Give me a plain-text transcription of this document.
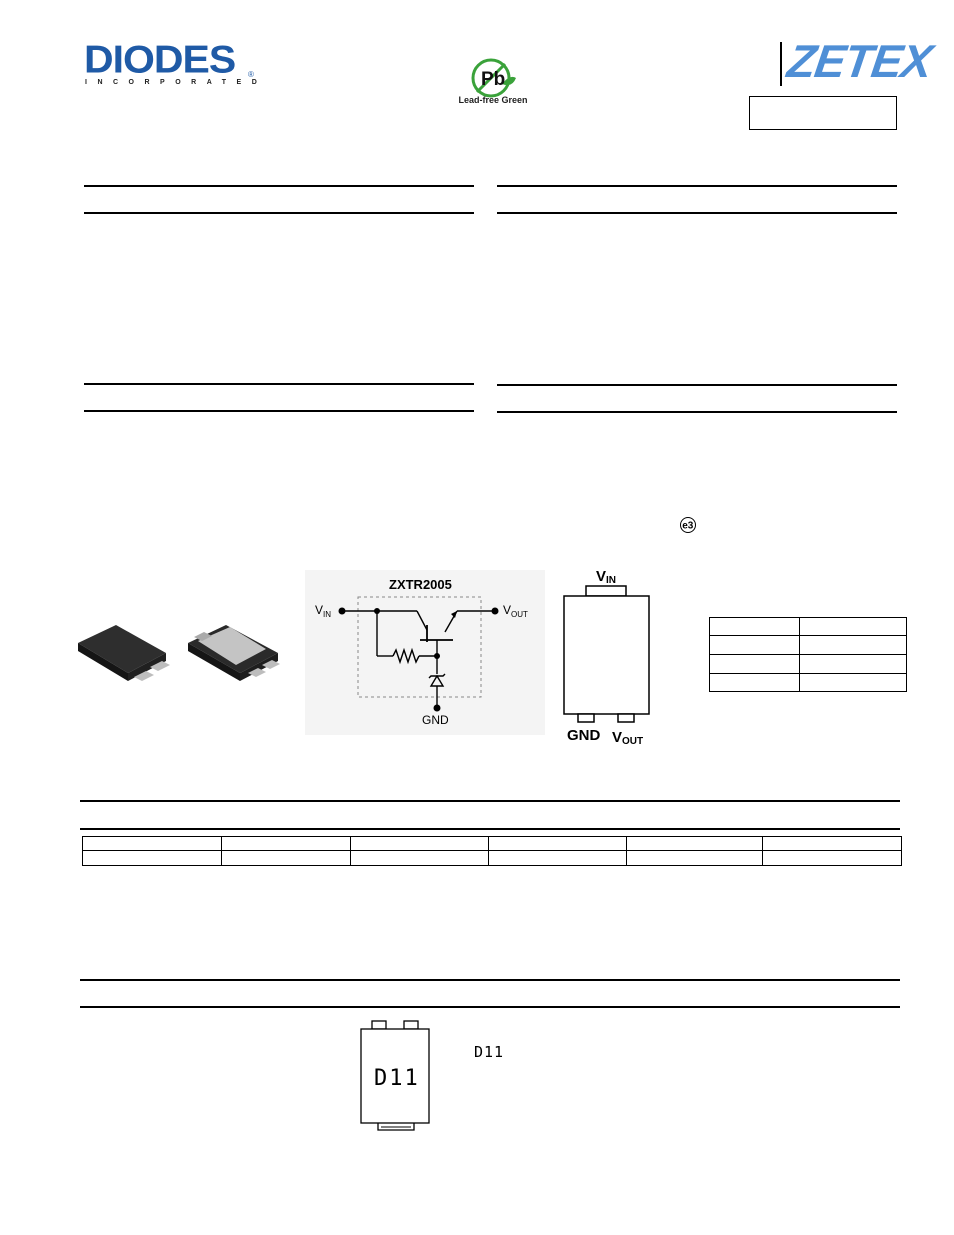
DIODES ®
INCORPORATED	Pb
Lead-free Green
ZETEX
e3
ZXTR2005
$V_{IN}$	$V_{OUT}$
GND
VIN
GND VOUT

D11
D11
